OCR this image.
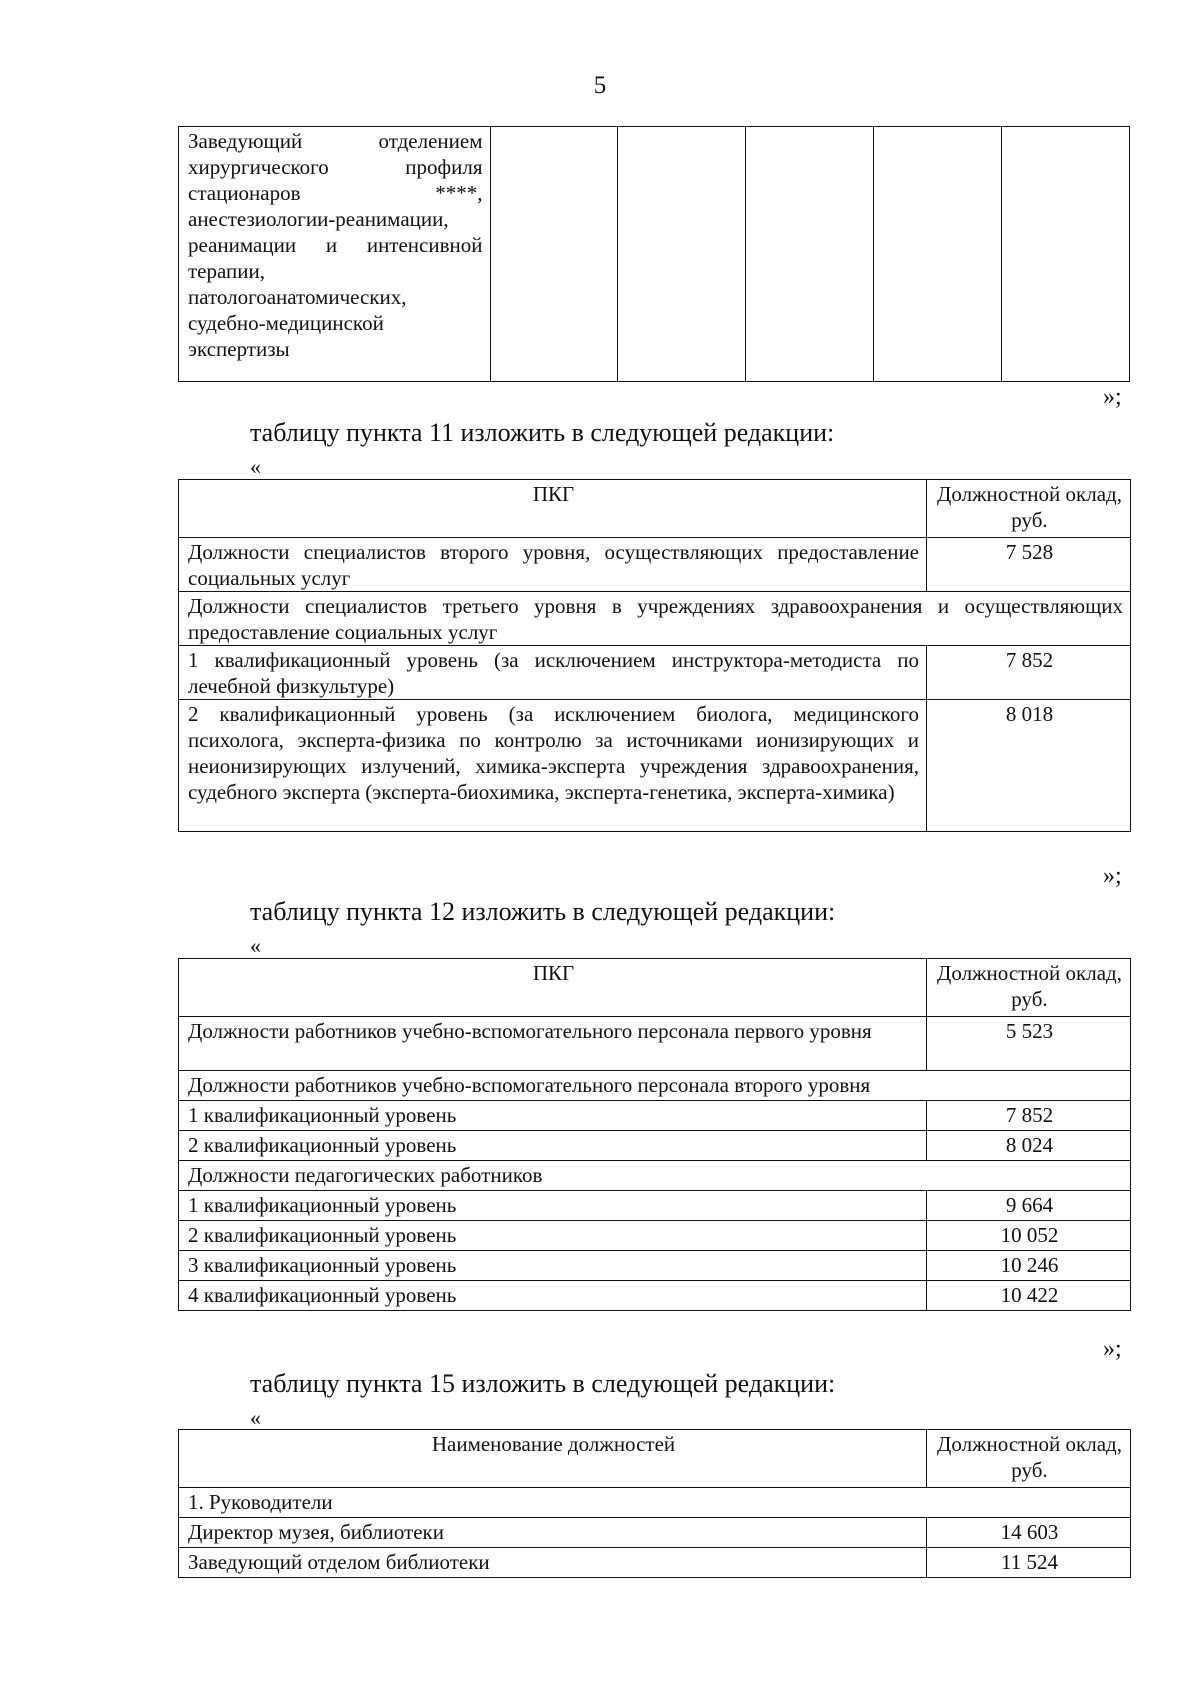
5
Заведующий отделением хирургического профиля стационаров ****, анестезиологии-реанимации, реанимации и интенсивной терапии, патологоанатомических, судебно-медицинской экспертизы					
»;
таблицу пункта 11 изложить в следующей редакции:
«
ПКГ	Должностной оклад, руб.
Должности специалистов второго уровня, осуществляющих предоставление социальных услуг	7 528
Должности специалистов третьего уровня в учреждениях здравоохранения и осуществляющих предоставление социальных услуг	
1 квалификационный уровень (за исключением инструктора-методиста по лечебной физкультуре)	7 852
2 квалификационный уровень (за исключением биолога, медицинского психолога, эксперта-физика по контролю за источниками ионизирующих и неионизирующих излучений, химика-эксперта учреждения здравоохранения, судебного эксперта (эксперта-биохимика, эксперта-генетика, эксперта-химика)	8 018
»;
таблицу пункта 12 изложить в следующей редакции:
«
ПКГ	Должностной оклад, руб.
Должности работников учебно-вспомогательного персонала первого уровня	5 523
Должности работников учебно-вспомогательного персонала второго уровня	
1 квалификационный уровень	7 852
2 квалификационный уровень	8 024
Должности педагогических работников	
1 квалификационный уровень	9 664
2 квалификационный уровень	10 052
3 квалификационный уровень	10 246
4 квалификационный уровень	10 422
»;
таблицу пункта 15 изложить в следующей редакции:
«
Наименование должностей	Должностной оклад, руб.
1. Руководители	
Директор музея, библиотеки	14 603
Заведующий отделом библиотеки	11 524
